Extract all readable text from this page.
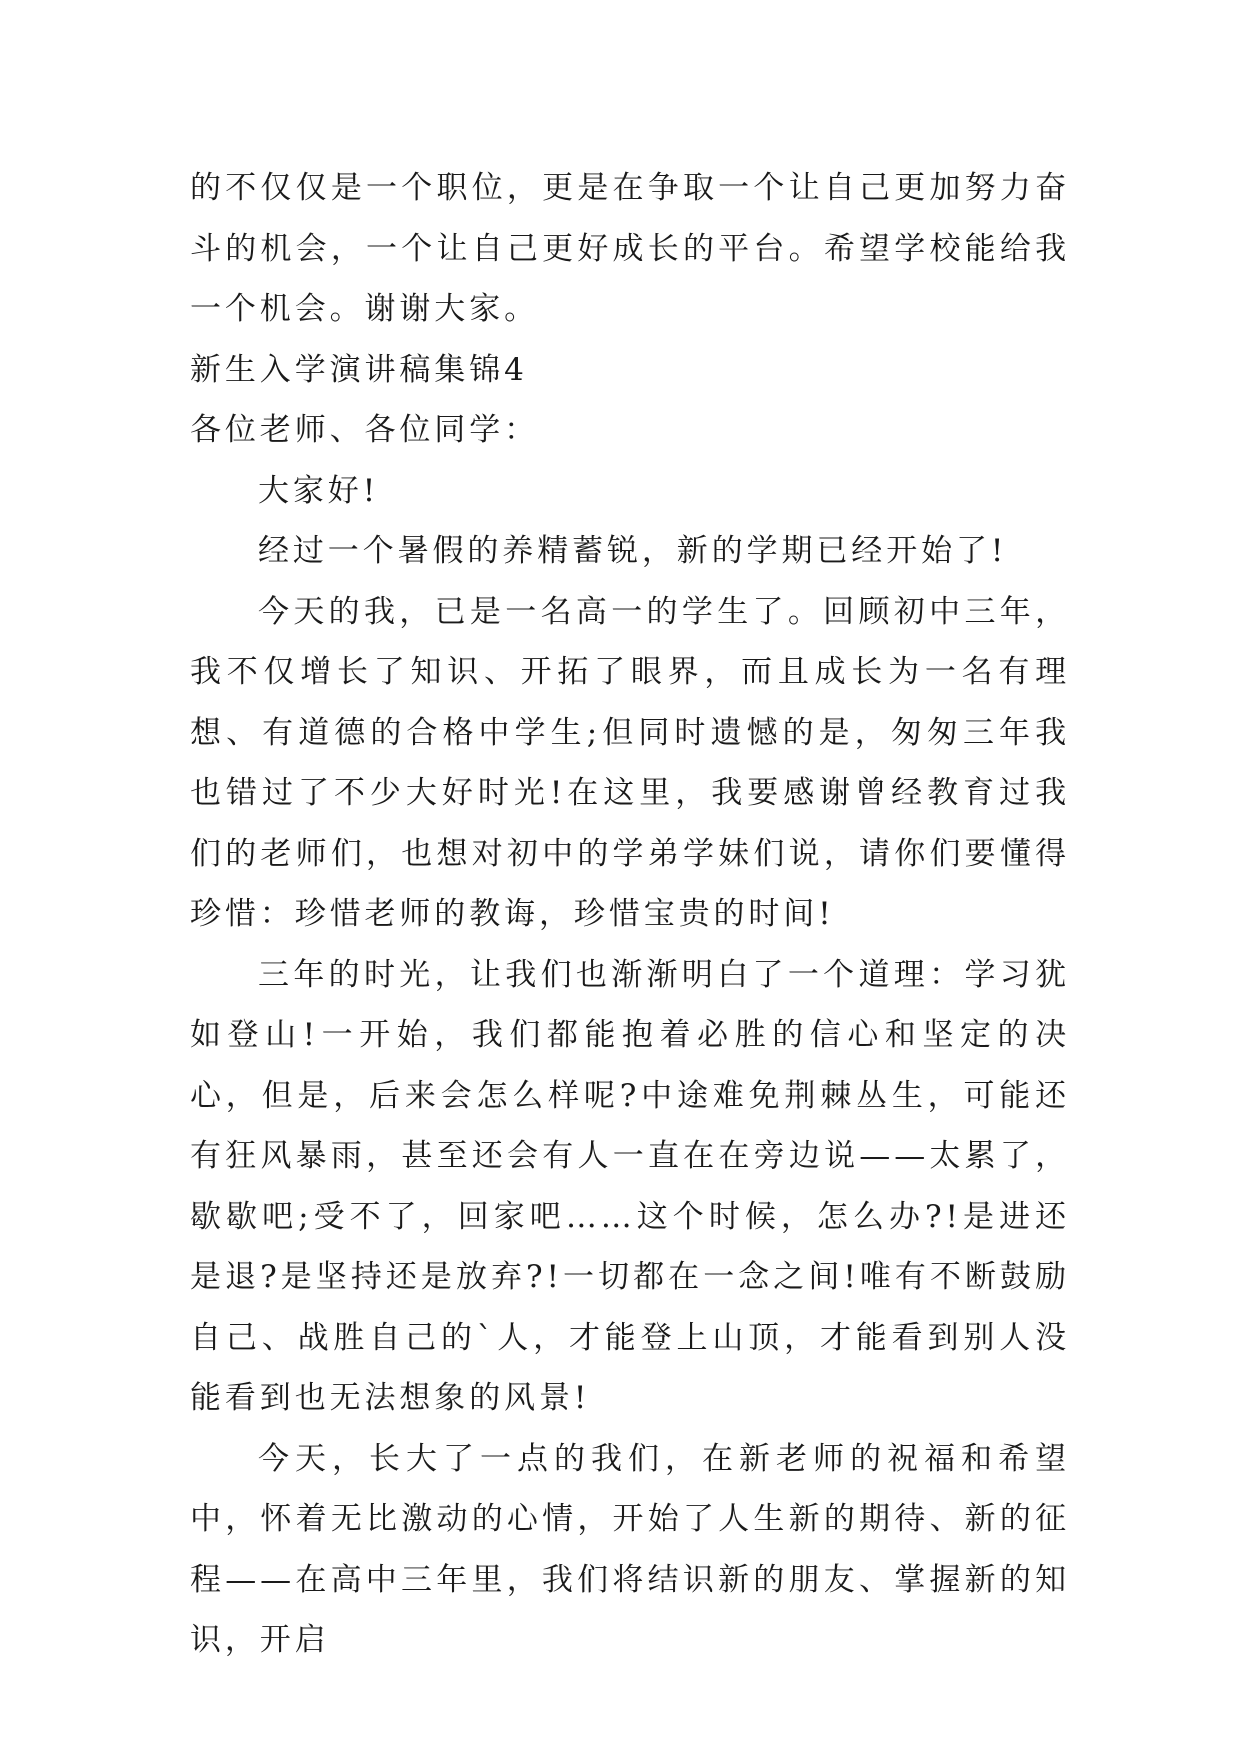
的不仅仅是一个职位，更是在争取一个让自己更加努力奋斗的机会，一个让自己更好成长的平台。希望学校能给我一个机会。谢谢大家。

新生入学演讲稿集锦4

各位老师、各位同学：

大家好!

经过一个暑假的养精蓄锐，新的学期已经开始了!

今天的我，已是一名高一的学生了。回顾初中三年，我不仅增长了知识、开拓了眼界，而且成长为一名有理想、有道德的合格中学生;但同时遗憾的是，匆匆三年我也错过了不少大好时光!在这里，我要感谢曾经教育过我们的老师们，也想对初中的学弟学妹们说，请你们要懂得珍惜：珍惜老师的教诲，珍惜宝贵的时间!

三年的时光，让我们也渐渐明白了一个道理：学习犹如登山!一开始，我们都能抱着必胜的信心和坚定的决心，但是，后来会怎么样呢?中途难免荆棘丛生，可能还有狂风暴雨，甚至还会有人一直在在旁边说——太累了，歇歇吧;受不了，回家吧……这个时候，怎么办?!是进还是退?是坚持还是放弃?!一切都在一念之间!唯有不断鼓励自己、战胜自己的`人，才能登上山顶，才能看到别人没能看到也无法想象的风景!

今天，长大了一点的我们，在新老师的祝福和希望中，怀着无比激动的心情，开始了人生新的期待、新的征程——在高中三年里，我们将结识新的朋友、掌握新的知识，开启
